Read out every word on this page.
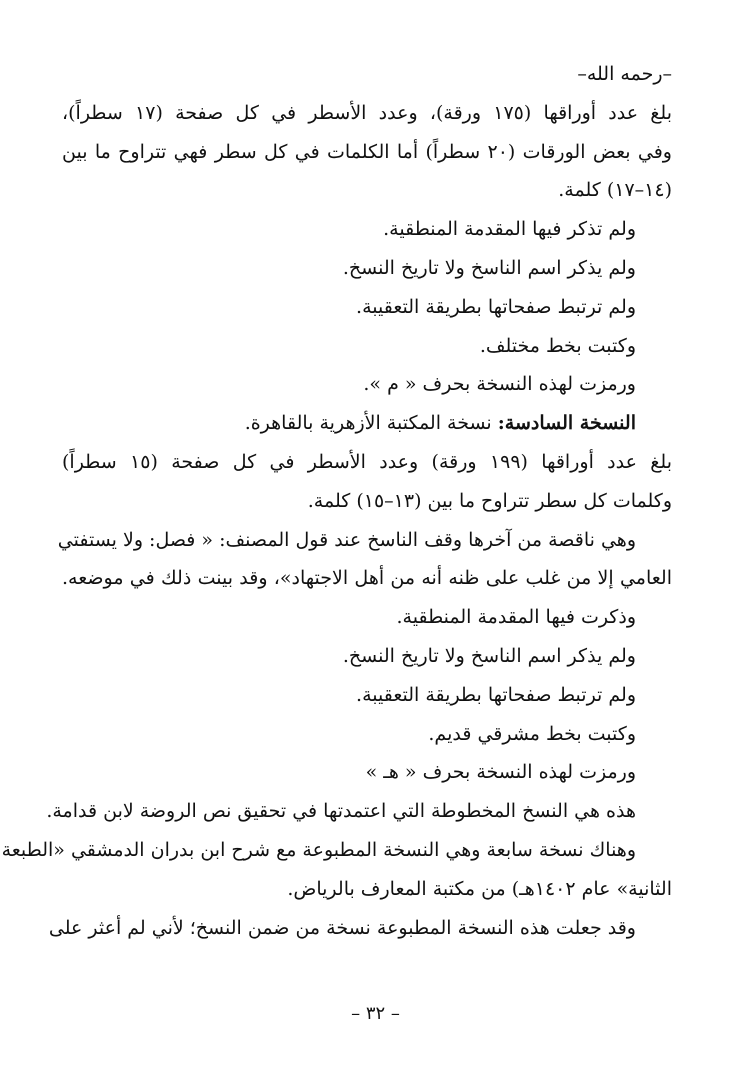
–رحمه الله–
بلغ عدد أوراقها (١٧٥ ورقة)، وعدد الأسطر في كل صفحة (١٧ سطراً)،
وفي بعض الورقات (٢٠ سطراً) أما الكلمات في كل سطر فهي تتراوح ما بين
(١٤–١٧) كلمة.
ولم تذكر فيها المقدمة المنطقية.
ولم يذكر اسم الناسخ ولا تاريخ النسخ.
ولم ترتبط صفحاتها بطريقة التعقيبة.
وكتبت بخط مختلف.
ورمزت لهذه النسخة بحرف « م ».
النسخة السادسة: نسخة المكتبة الأزهرية بالقاهرة.
بلغ عدد أوراقها (١٩٩ ورقة) وعدد الأسطر في كل صفحة (١٥ سطراً)
وكلمات كل سطر تتراوح ما بين (١٣–١٥) كلمة.
وهي ناقصة من آخرها وقف الناسخ عند قول المصنف: « فصل: ولا يستفتي
العامي إلا من غلب على ظنه أنه من أهل الاجتهاد»، وقد بينت ذلك في موضعه.
وذكرت فيها المقدمة المنطقية.
ولم يذكر اسم الناسخ ولا تاريخ النسخ.
ولم ترتبط صفحاتها بطريقة التعقيبة.
وكتبت بخط مشرقي قديم.
ورمزت لهذه النسخة بحرف « هـ »
هذه هي النسخ المخطوطة التي اعتمدتها في تحقيق نص الروضة لابن قدامة.
وهناك نسخة سابعة وهي النسخة المطبوعة مع شرح ابن بدران الدمشقي «الطبعة
الثانية» عام ١٤٠٢هـ) من مكتبة المعارف بالرياض.
وقد جعلت هذه النسخة المطبوعة نسخة من ضمن النسخ؛ لأني لم أعثر على
– ٣٢ –
